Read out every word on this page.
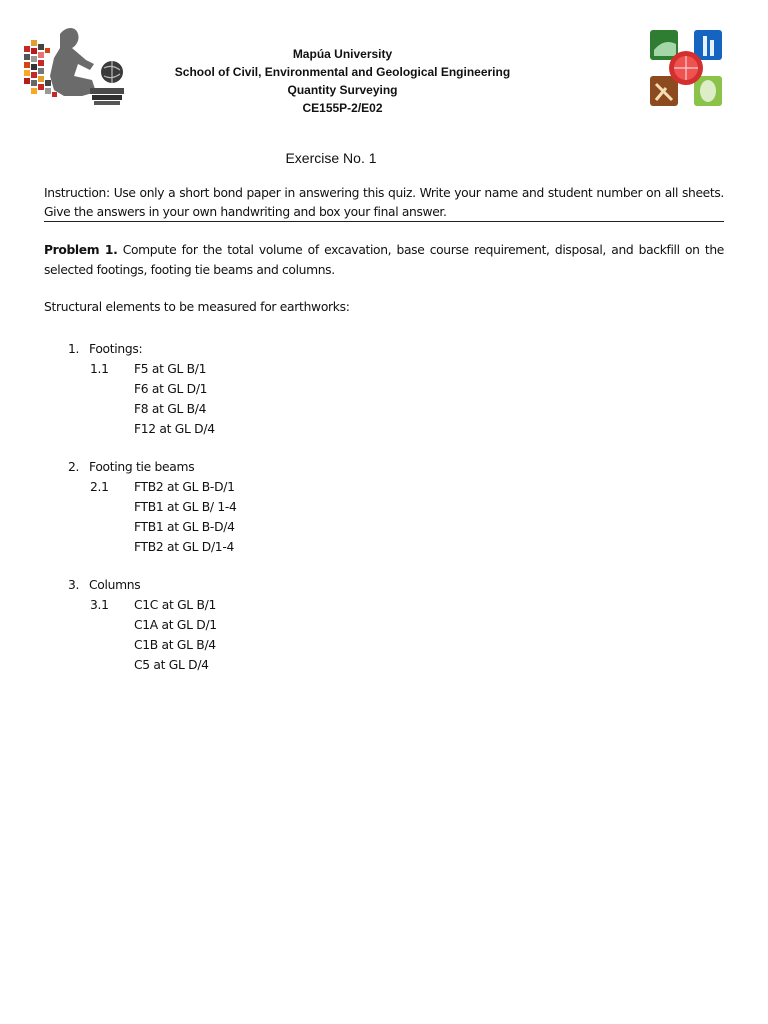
Mapúa University
School of Civil, Environmental and Geological Engineering
Quantity Surveying
CE155P-2/E02
Exercise No. 1
Instruction: Use only a short bond paper in answering this quiz. Write your name and student number on all sheets. Give the answers in your own handwriting and box your final answer.
Problem 1. Compute for the total volume of excavation, base course requirement, disposal, and backfill on the selected footings, footing tie beams and columns.
Structural elements to be measured for earthworks:
1. Footings:
1.1 F5 at GL B/1
F6 at GL D/1
F8 at GL B/4
F12 at GL D/4
2. Footing tie beams
2.1 FTB2 at GL B-D/1
FTB1 at GL B/ 1-4
FTB1 at GL B-D/4
FTB2 at GL D/1-4
3. Columns
3.1 C1C at GL B/1
C1A at GL D/1
C1B at GL B/4
C5 at GL D/4
